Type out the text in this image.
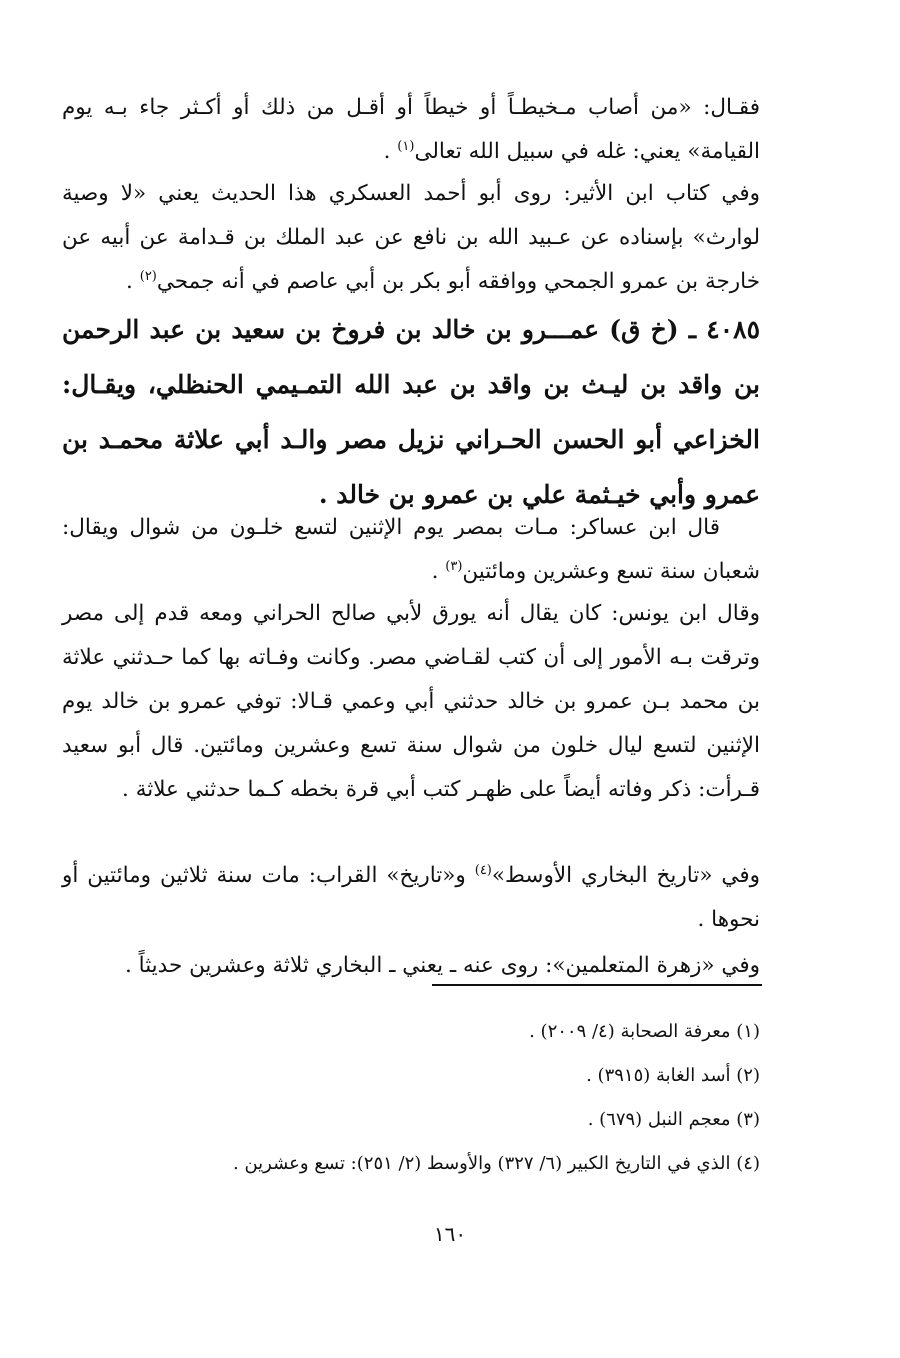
فقـال: «من أصاب مـخيطـاً أو خيطاً أو أقـل من ذلك أو أكـثر جاء بـه يوم القيامة» يعني: غله في سبيل الله تعالى$^{(١)}$ .

وفي كتاب ابن الأثير: روى أبو أحمد العسكري هذا الحديث يعني «لا وصية لوارث» بإسناده عن عـبيد الله بن نافع عن عبد الملك بن قـدامة عن أبيه عن خارجة بن عمرو الجمحي ووافقه أبو بكر بن أبي عاصم في أنه جمحي$^{(٢)}$ .

٤٠٨٥ ـ (خ ق) عمـــرو بن خالد بن فروخ بن سعيد بن عبد الرحمن بن واقد بن ليـث بن واقد بن عبد الله التمـيمي الحنظلي، ويقـال: الخزاعي أبو الحسن الحـراني نزيل مصر والـد أبي علاثة محمـد بن عمرو وأبي خيـثمة علي بن عمرو بن خالد .

قال ابن عساكر: مـات بمصر يوم الإثنين لتسع خلـون من شوال ويقال: شعبان سنة تسع وعشرين ومائتين$^{(٣)}$ .

وقال ابن يونس: كان يقال أنه يورق لأبي صالح الحراني ومعه قدم إلى مصر وترقت بـه الأمور إلى أن كتب لقـاضي مصر. وكانت وفـاته بها كما حـدثني علاثة بن محمد بـن عمرو بن خالد حدثني أبي وعمي قـالا: توفي عمرو بن خالد يوم الإثنين لتسع ليال خلون من شوال سنة تسع وعشرين ومائتين. قال أبو سعيد قـرأت: ذكر وفاته أيضاً على ظهـر كتب أبي قرة بخطه كـما حدثني علاثة .

وفي «تاريخ البخاري الأوسط»$^{(٤)}$ و«تاريخ» القراب: مات سنة ثلاثين ومائتين أو نحوها .

وفي «زهرة المتعلمين»: روى عنه ـ يعني ـ البخاري ثلاثة وعشرين حديثاً .

(١) معرفة الصحابة (٤/ ٢٠٠٩) .
(٢) أسد الغابة (٣٩١٥) .
(٣) معجم النبل (٦٧٩) .
(٤) الذي في التاريخ الكبير (٦/ ٣٢٧) والأوسط (٢/ ٢٥١): تسع وعشرين .
١٦٠
